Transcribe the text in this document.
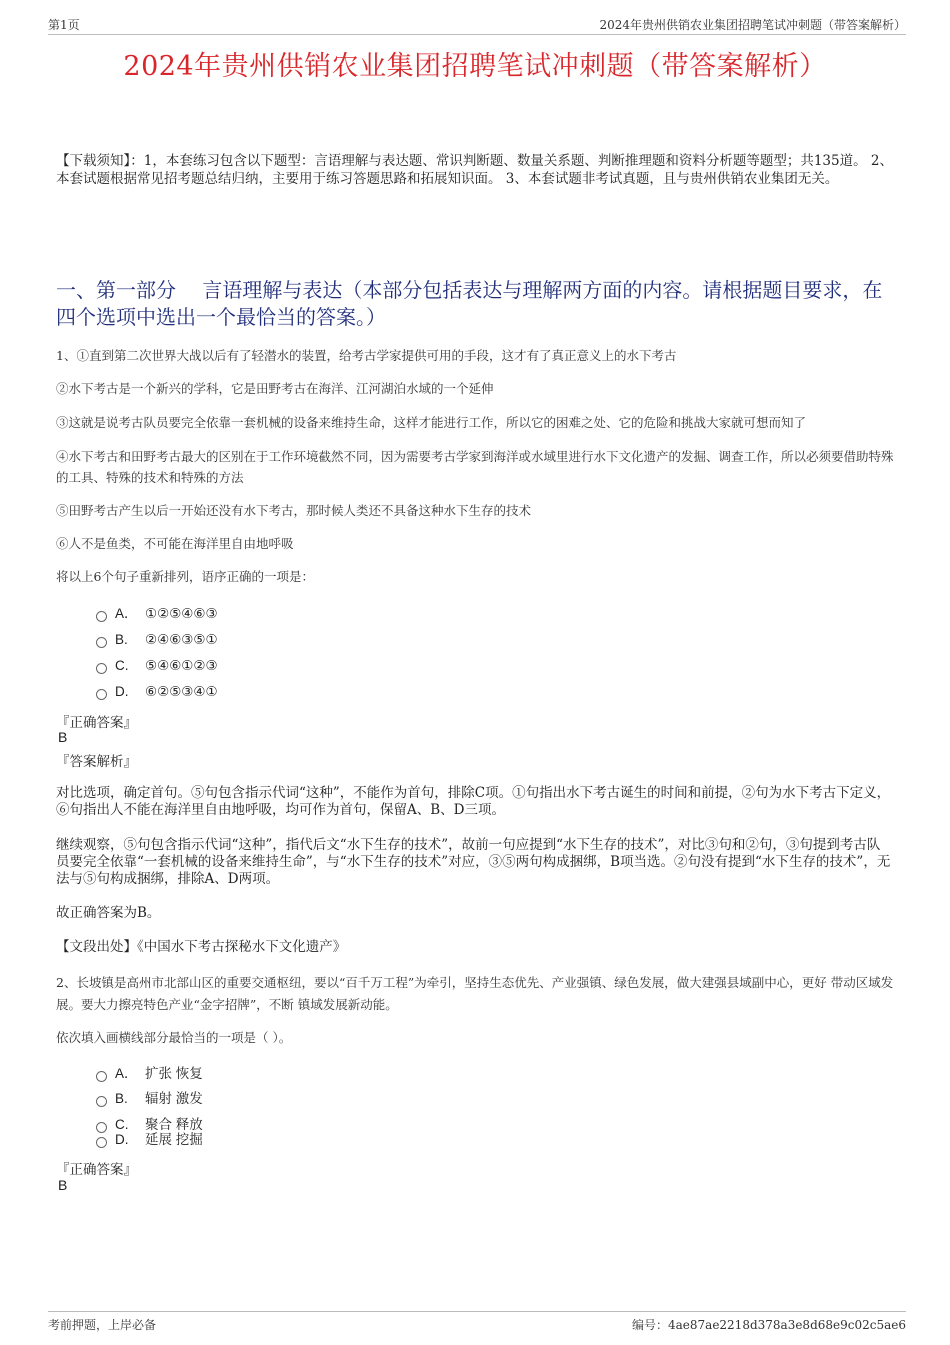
第1页	2024年贵州供销农业集团招聘笔试冲刺题（带答案解析）
2024年贵州供销农业集团招聘笔试冲刺题（带答案解析）
【下载须知】：1，本套练习包含以下题型：言语理解与表达题、常识判断题、数量关系题、判断推理题和资料分析题等题型；共135道。 2、本套试题根据常见招考题总结归纳，主要用于练习答题思路和拓展知识面。 3、本套试题非考试真题，且与贵州供销农业集团无关。
一、第一部分　 言语理解与表达（本部分包括表达与理解两方面的内容。请根据题目要求，在四个选项中选出一个最恰当的答案。）
1、①直到第二次世界大战以后有了轻潜水的装置，给考古学家提供可用的手段，这才有了真正意义上的水下考古
②水下考古是一个新兴的学科，它是田野考古在海洋、江河湖泊水域的一个延伸
③这就是说考古队员要完全依靠一套机械的设备来维持生命，这样才能进行工作，所以它的困难之处、它的危险和挑战大家就可想而知了
④水下考古和田野考古最大的区别在于工作环境截然不同，因为需要考古学家到海洋或水域里进行水下文化遗产的发掘、调查工作，所以必须要借助特殊的工具、特殊的技术和特殊的方法
⑤田野考古产生以后一开始还没有水下考古，那时候人类还不具备这种水下生存的技术
⑥人不是鱼类，不可能在海洋里自由地呼吸
将以上6个句子重新排列，语序正确的一项是：
A． ①②⑤④⑥③
B. ②④⑥③⑤①
C. ⑤④⑥①②③
D. ⑥②⑤③④①
『正确答案』
B
『答案解析』
对比选项，确定首句。⑤句包含指示代词“这种”，不能作为首句，排除C项。①句指出水下考古诞生的时间和前提，②句为水下考古下定义，⑥句指出人不能在海洋里自由地呼吸，均可作为首句，保留A、B、D三项。
继续观察，⑤句包含指示代词“这种”，指代后文“水下生存的技术”，故前一句应提到“水下生存的技术”，对比③句和②句，③句提到考古队员要完全依靠“一套机械的设备来维持生命”，与“水下生存的技术”对应，③⑤两句构成捆绑，B项当选。②句没有提到“水下生存的技术”，无法与⑤句构成捆绑，排除A、D两项。
故正确答案为B。
【文段出处】《中国水下考古探秘水下文化遗产》
2、长坡镇是高州市北部山区的重要交通枢纽，要以“百千万工程”为牵引，坚持生态优先、产业强镇、绿色发展，做大建强县域副中心，更好 带动区域发展。要大力擦亮特色产业“金字招牌”，不断 镇域发展新动能。
依次填入画横线部分最恰当的一项是（ ）。
A． 扩张 恢复
B. 辐射 激发
C. 聚合 释放
D. 延展 挖掘
『正确答案』
B
考前押题，上岸必备	编号：4ae87ae2218d378a3e8d68e9c02c5ae6
